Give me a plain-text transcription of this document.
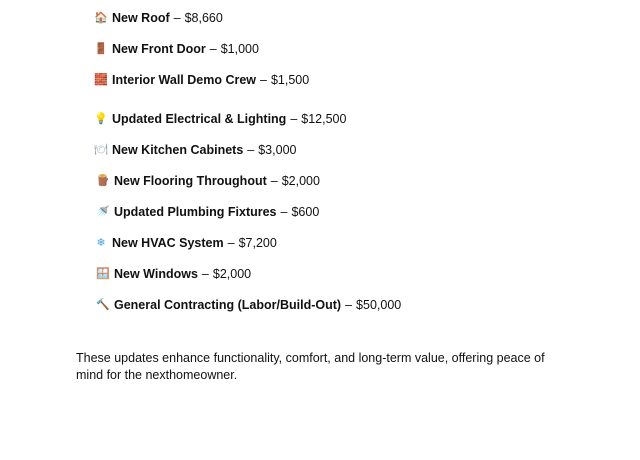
🏠 New Roof – $8,660
🚪 New Front Door – $1,000
🧱 Interior Wall Demo Crew – $1,500
💡 Updated Electrical & Lighting – $12,500
🍽 New Kitchen Cabinets – $3,000
🪵 New Flooring Throughout – $2,000
🚿 Updated Plumbing Fixtures – $600
❄ New HVAC System – $7,200
🪟 New Windows – $2,000
🔨 General Contracting (Labor/Build-Out) – $50,000

These updates enhance functionality, comfort, and long-term value, offering peace of mind for the nexthomeowner.
